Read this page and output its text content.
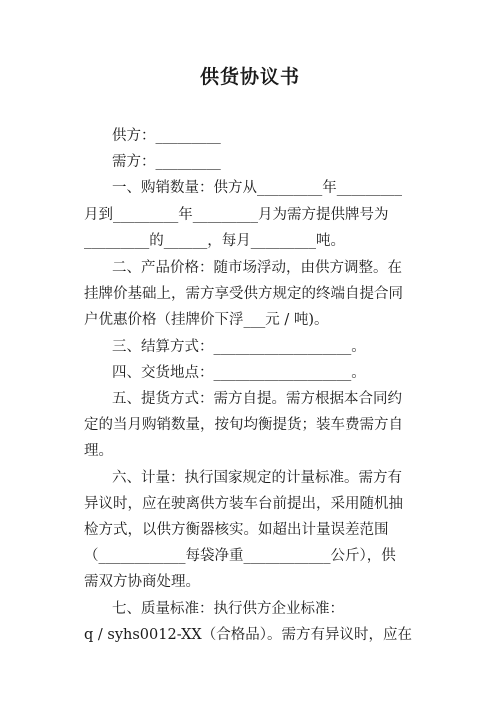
供货协议书
供方：_________
需方：_________
一、购销数量：供方从_________年_________
月到_________年_________月为需方提供牌号为
_________的______，每月_________吨。
二、产品价格：随市场浮动，由供方调整。在
挂牌价基础上，需方享受供方规定的终端自提合同
户优惠价格（挂牌价下浮___元 / 吨)。
三、结算方式：___________________。
四、交货地点：___________________。
五、提货方式：需方自提。需方根据本合同约
定的当月购销数量，按旬均衡提货；装车费需方自
理。
六、计量：执行国家规定的计量标准。需方有
异议时，应在驶离供方装车台前提出，采用随机抽
检方式，以供方衡器核实。如超出计量误差范围
（____________每袋净重____________公斤），供
需双方协商处理。
七、质量标准：执行供方企业标准：
q / syhs0012-XX（合格品）。需方有异议时，应在
